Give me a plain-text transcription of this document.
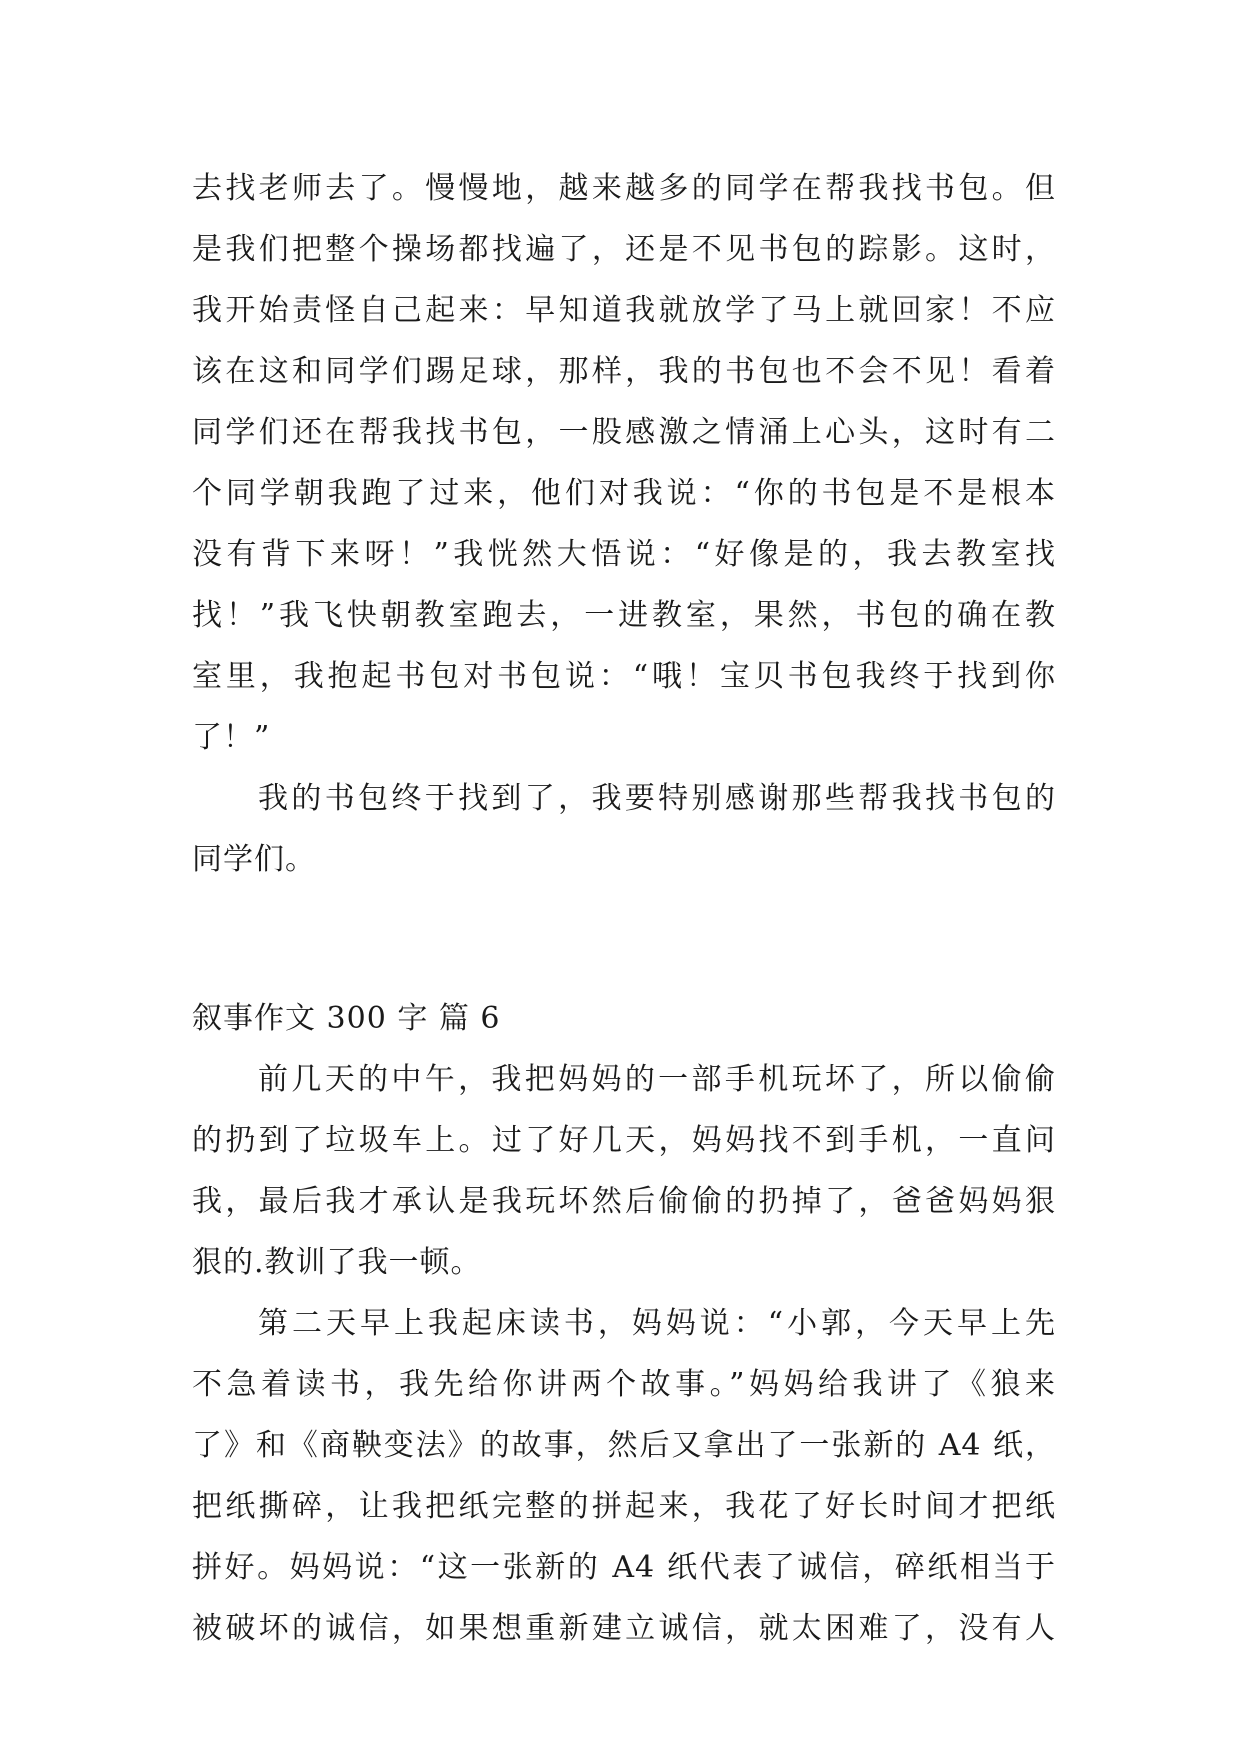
去找老师去了。慢慢地，越来越多的同学在帮我找书包。但
是我们把整个操场都找遍了，还是不见书包的踪影。这时，
我开始责怪自己起来：早知道我就放学了马上就回家！不应
该在这和同学们踢足球，那样，我的书包也不会不见！看着
同学们还在帮我找书包，一股感激之情涌上心头，这时有二
个同学朝我跑了过来，他们对我说：“你的书包是不是根本
没有背下来呀！”我恍然大悟说：“好像是的，我去教室找
找！”我飞快朝教室跑去，一进教室，果然，书包的确在教
室里，我抱起书包对书包说：“哦！宝贝书包我终于找到你
了！”
我的书包终于找到了，我要特别感谢那些帮我找书包的
同学们。
叙事作文 300 字 篇 6
前几天的中午，我把妈妈的一部手机玩坏了，所以偷偷
的扔到了垃圾车上。过了好几天，妈妈找不到手机，一直问
我，最后我才承认是我玩坏然后偷偷的扔掉了，爸爸妈妈狠
狠的.教训了我一顿。
第二天早上我起床读书，妈妈说：“小郭，今天早上先
不急着读书，我先给你讲两个故事。”妈妈给我讲了《狼来
了》和《商鞅变法》的故事，然后又拿出了一张新的 A4 纸，
把纸撕碎，让我把纸完整的拼起来，我花了好长时间才把纸
拼好。妈妈说：“这一张新的 A4 纸代表了诚信，碎纸相当于
被破坏的诚信，如果想重新建立诚信，就太困难了，没有人
